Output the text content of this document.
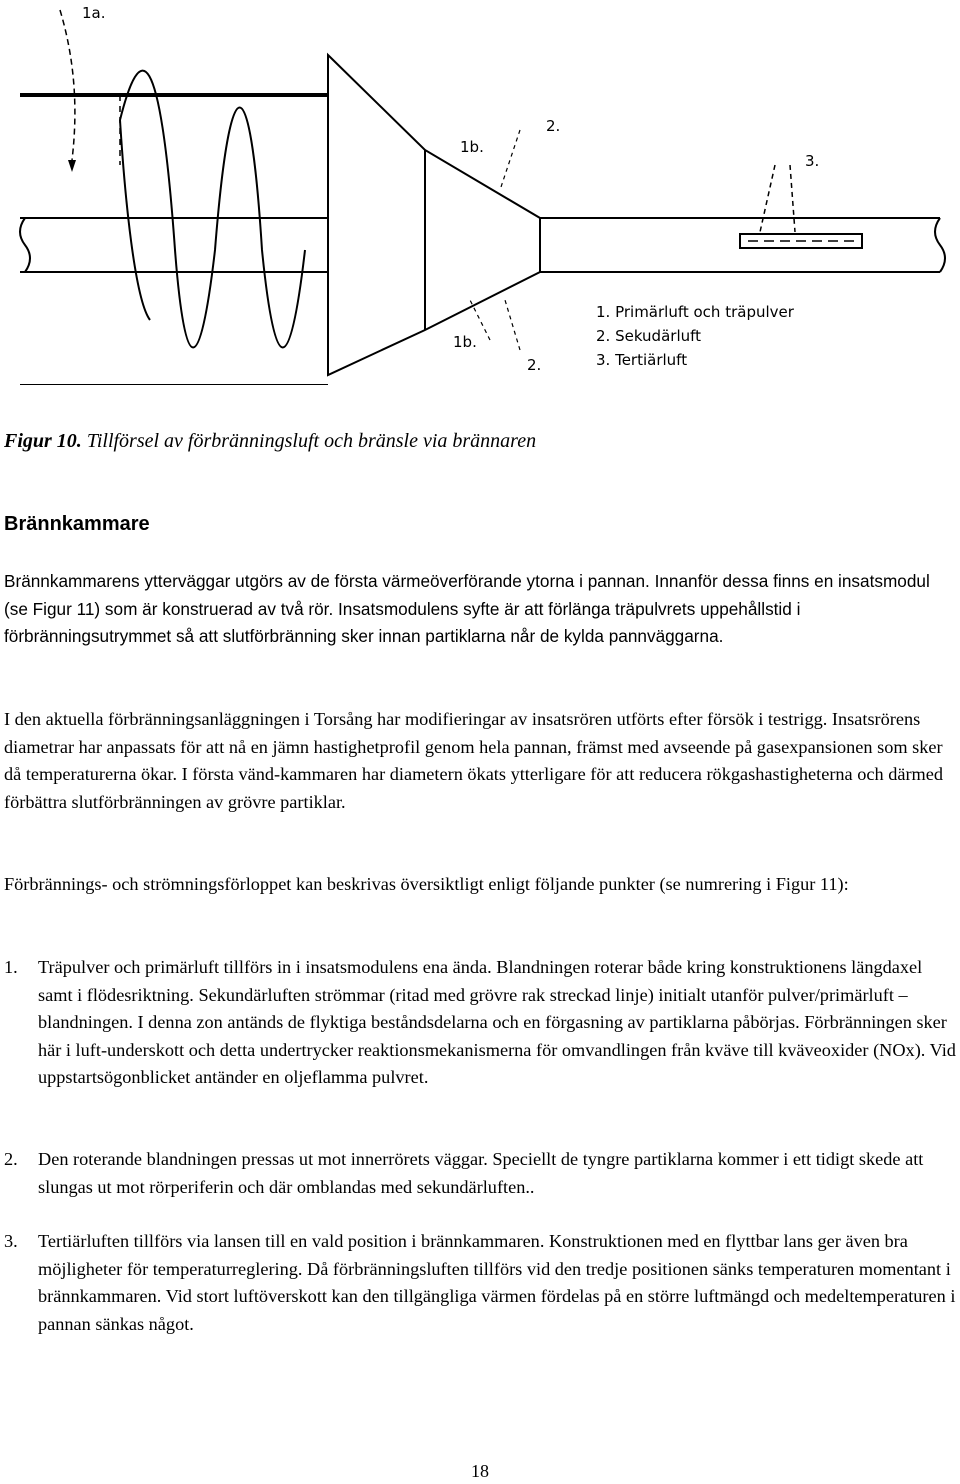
1a.
1b.
2.
3.
1b.
2.
1. Primärluft och träpulver
2. Sekudärluft
3. Tertiärluft
Figur 10. Tillförsel av förbränningsluft och bränsle via brännaren
Brännkammare
Brännkammarens ytterväggar utgörs av de första värmeöverförande ytorna i pannan. Innanför dessa finns en insatsmodul (se Figur 11) som är konstruerad av två rör. Insatsmodulens syfte är att förlänga träpulvrets uppehållstid i förbränningsutrymmet så att slutförbränning sker innan partiklarna når de kylda pannväggarna.
I den aktuella förbränningsanläggningen i Torsång har modifieringar av insatsrören utförts efter försök i testrigg. Insatsrörens diametrar har anpassats för att nå en jämn hastighetprofil genom hela pannan, främst med avseende på gasexpansionen som sker då temperaturerna ökar. I första vänd-kammaren har diametern ökats ytterligare för att reducera rökgashastigheterna och därmed förbättra slutförbränningen av grövre partiklar.
Förbrännings- och strömningsförloppet kan beskrivas översiktligt enligt följande punkter (se numrering i Figur 11):
1.	Träpulver och primärluft tillförs in i insatsmodulens ena ända. Blandningen roterar både kring konstruktionens längdaxel samt i flödesriktning. Sekundärluften strömmar (ritad med grövre rak streckad linje) initialt utanför pulver/primärluft –blandningen. I denna zon antänds de flyktiga beståndsdelarna och en förgasning av partiklarna påbörjas. Förbränningen sker här i luft-underskott och detta undertrycker reaktionsmekanismerna för omvandlingen från kväve till kväveoxider (NOx). Vid uppstartsögonblicket antänder en oljeflamma pulvret.
2.	Den roterande blandningen pressas ut mot innerrörets väggar. Speciellt de tyngre partiklarna kommer i ett tidigt skede att slungas ut mot rörperiferin och där omblandas med sekundärluften..
3.	Tertiärluften tillförs via lansen till en vald position i brännkammaren. Konstruktionen med en flyttbar lans ger även bra möjligheter för temperaturreglering. Då förbränningsluften tillförs vid den tredje positionen sänks temperaturen momentant i brännkammaren. Vid stort luftöverskott kan den tillgängliga värmen fördelas på en större luftmängd och medeltemperaturen i pannan sänkas något.
18
